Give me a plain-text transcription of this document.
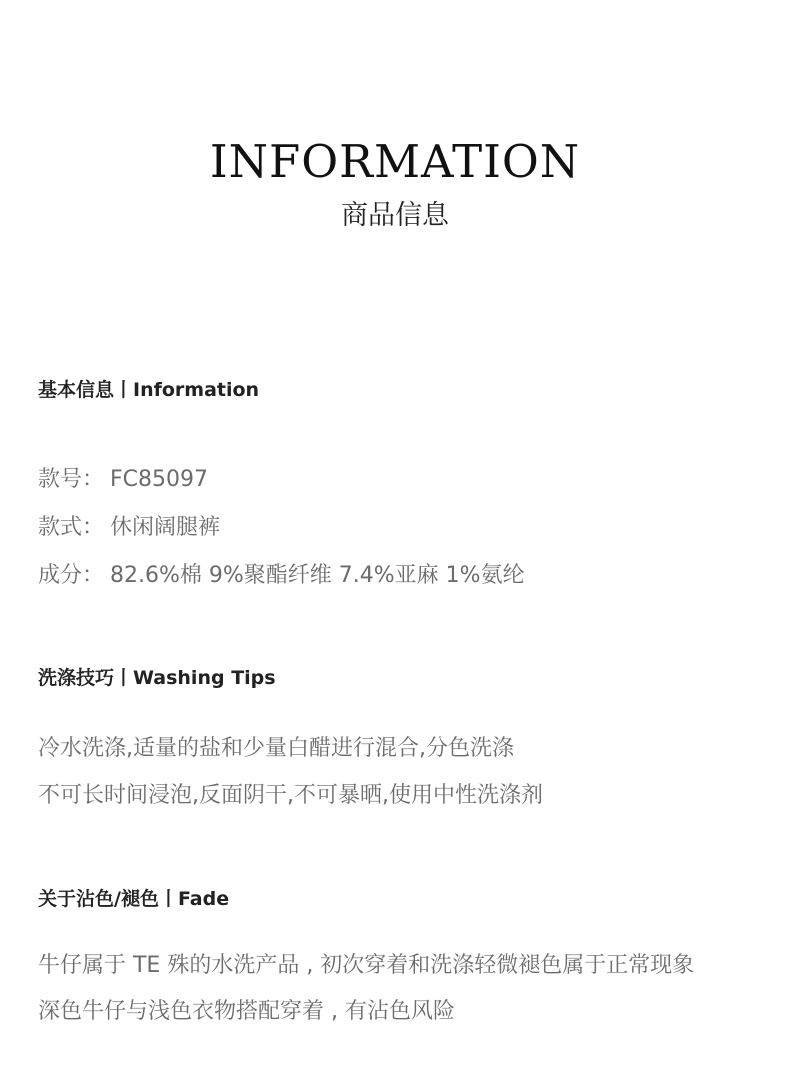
INFORMATION
商品信息
基本信息丨Information
款号： FC85097
款式： 休闲阔腿裤
成分： 82.6%棉 9%聚酯纤维 7.4%亚麻 1%氨纶
洗涤技巧丨Washing Tips
冷水洗涤,适量的盐和少量白醋进行混合,分色洗涤
不可长时间浸泡,反面阴干,不可暴晒,使用中性洗涤剂
关于沾色/褪色丨Fade
牛仔属于 TE 殊的水洗产品 , 初次穿着和洗涤轻微褪色属于正常现象
深色牛仔与浅色衣物搭配穿着 , 有沾色风险
